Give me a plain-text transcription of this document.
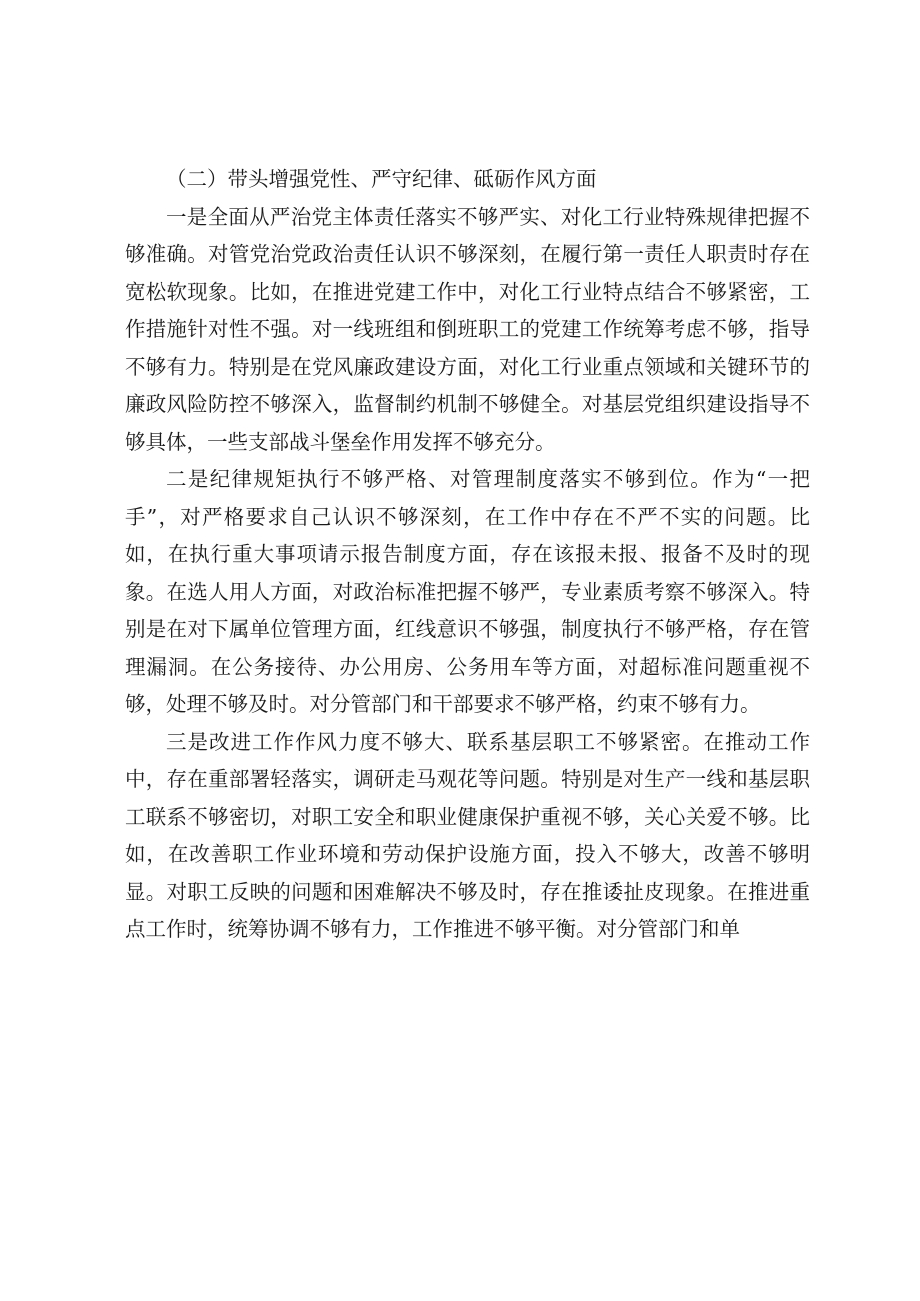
（二）带头增强党性、严守纪律、砥砺作风方面

一是全面从严治党主体责任落实不够严实、对化工行业特殊规律把握不够准确。对管党治党政治责任认识不够深刻，在履行第一责任人职责时存在宽松软现象。比如，在推进党建工作中，对化工行业特点结合不够紧密，工作措施针对性不强。对一线班组和倒班职工的党建工作统筹考虑不够，指导不够有力。特别是在党风廉政建设方面，对化工行业重点领域和关键环节的廉政风险防控不够深入，监督制约机制不够健全。对基层党组织建设指导不够具体，一些支部战斗堡垒作用发挥不够充分。

二是纪律规矩执行不够严格、对管理制度落实不够到位。作为“一把手”，对严格要求自己认识不够深刻，在工作中存在不严不实的问题。比如，在执行重大事项请示报告制度方面，存在该报未报、报备不及时的现象。在选人用人方面，对政治标准把握不够严，专业素质考察不够深入。特别是在对下属单位管理方面，红线意识不够强，制度执行不够严格，存在管理漏洞。在公务接待、办公用房、公务用车等方面，对超标准问题重视不够，处理不够及时。对分管部门和干部要求不够严格，约束不够有力。

三是改进工作作风力度不够大、联系基层职工不够紧密。在推动工作中，存在重部署轻落实，调研走马观花等问题。特别是对生产一线和基层职工联系不够密切，对职工安全和职业健康保护重视不够，关心关爱不够。比如，在改善职工作业环境和劳动保护设施方面，投入不够大，改善不够明显。对职工反映的问题和困难解决不够及时，存在推诿扯皮现象。在推进重点工作时，统筹协调不够有力，工作推进不够平衡。对分管部门和单
